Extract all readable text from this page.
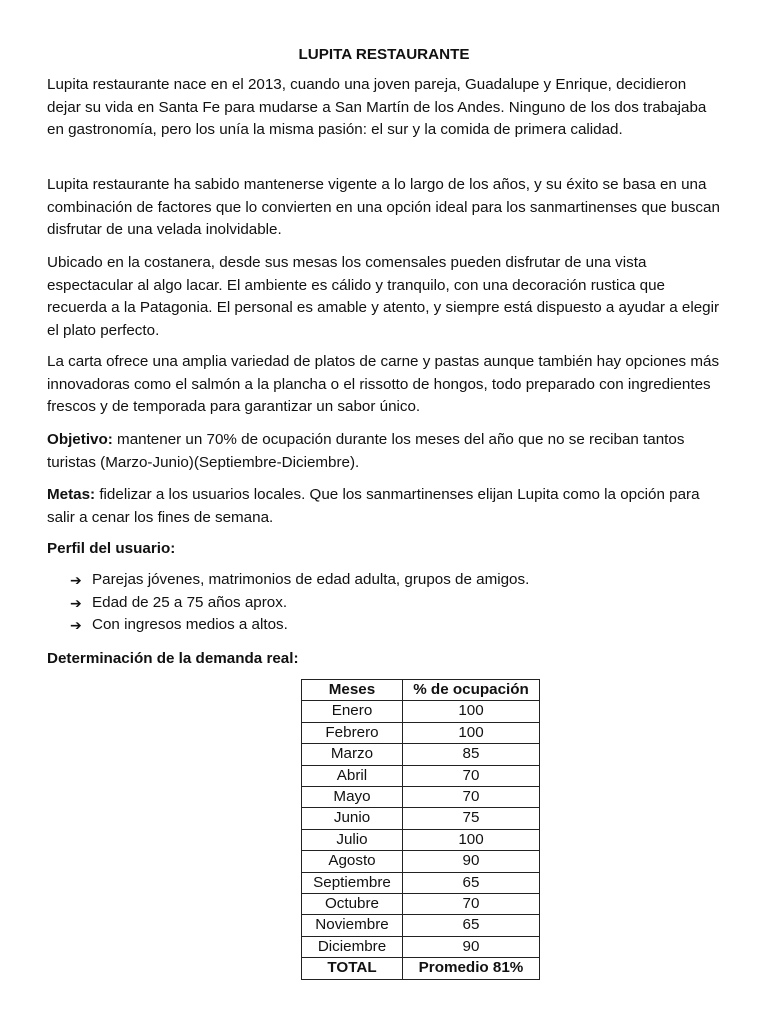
LUPITA RESTAURANTE

Lupita restaurante nace en el 2013, cuando una joven pareja, Guadalupe y Enrique, decidieron dejar su vida en Santa Fe para mudarse a San Martín de los Andes. Ninguno de los dos trabajaba en gastronomía, pero los unía la misma pasión: el sur y la comida de primera calidad.

Lupita restaurante ha sabido mantenerse vigente a lo largo de los años, y su éxito se basa en una combinación de factores que lo convierten en una opción ideal para los sanmartinenses que buscan disfrutar de una velada inolvidable.

Ubicado en la costanera, desde sus mesas los comensales pueden disfrutar de una vista espectacular al algo lacar. El ambiente es cálido y tranquilo, con una decoración rustica que recuerda a la Patagonia. El personal es amable y atento, y siempre está dispuesto a ayudar a elegir el plato perfecto.

La carta ofrece una amplia variedad de platos de carne y pastas aunque también hay opciones más innovadoras como el salmón a la plancha o el rissotto de hongos, todo preparado con ingredientes frescos y de temporada para garantizar un sabor único.

Objetivo: mantener un 70% de ocupación durante los meses del año que no se reciban tantos turistas (Marzo-Junio)(Septiembre-Diciembre).

Metas: fidelizar a los usuarios locales. Que los sanmartinenses elijan Lupita como la opción para salir a cenar los fines de semana.

Perfil del usuario:

➔ Parejas jóvenes, matrimonios de edad adulta, grupos de amigos.
➔ Edad de 25 a 75 años aprox.
➔ Con ingresos medios a altos.

Determinación de la demanda real:

Meses	% de ocupación
Enero	100
Febrero	100
Marzo	85
Abril	70
Mayo	70
Junio	75
Julio	100
Agosto	90
Septiembre	65
Octubre	70
Noviembre	65
Diciembre	90
TOTAL	Promedio 81%
